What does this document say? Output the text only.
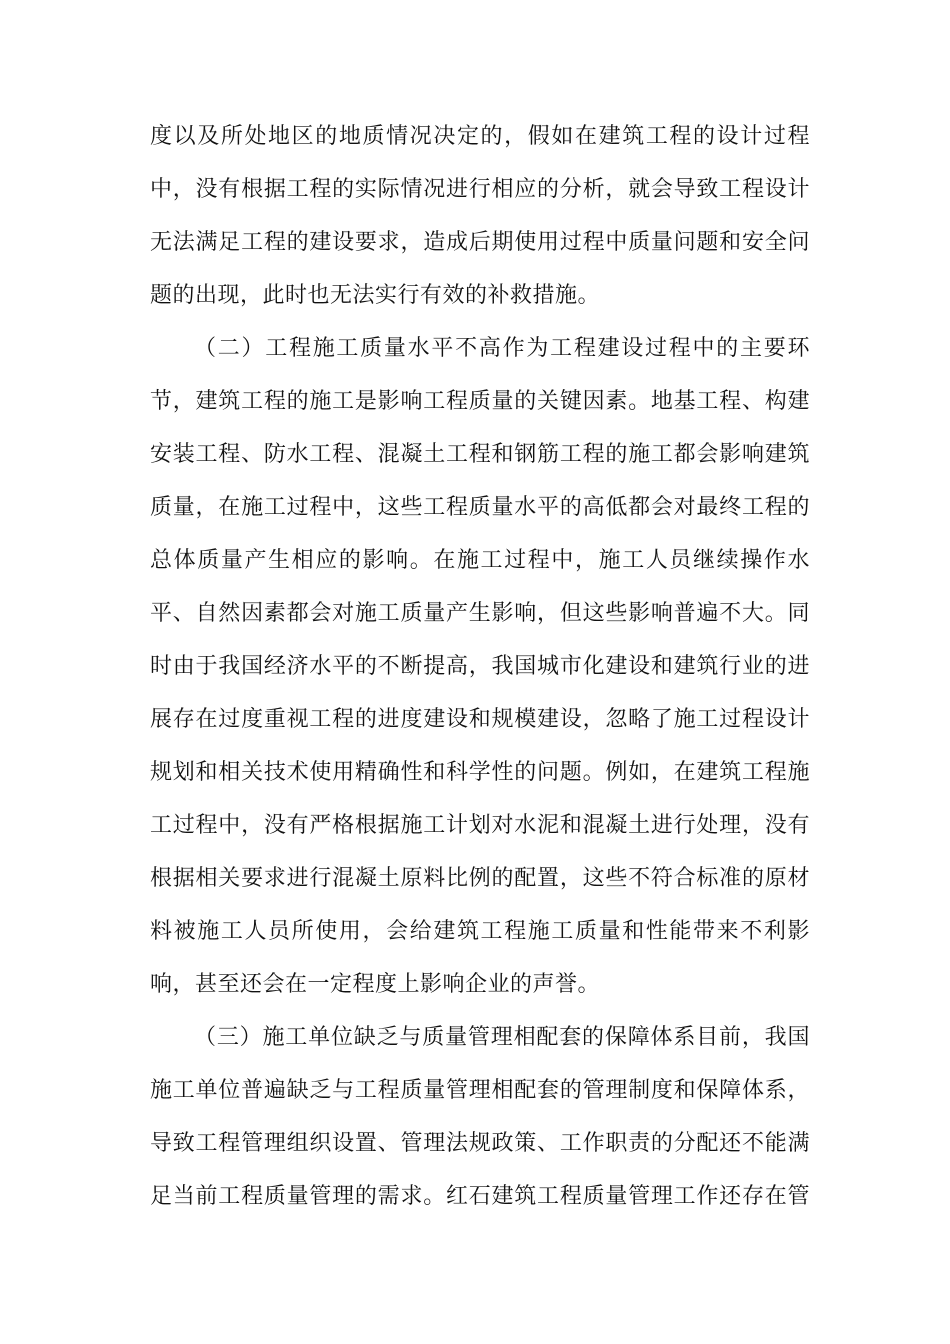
度以及所处地区的地质情况决定的，假如在建筑工程的设计过程
中，没有根据工程的实际情况进行相应的分析，就会导致工程设计
无法满足工程的建设要求，造成后期使用过程中质量问题和安全问
题的出现，此时也无法实行有效的补救措施。
（二）工程施工质量水平不高作为工程建设过程中的主要环
节，建筑工程的施工是影响工程质量的关键因素。地基工程、构建
安装工程、防水工程、混凝土工程和钢筋工程的施工都会影响建筑
质量，在施工过程中，这些工程质量水平的高低都会对最终工程的
总体质量产生相应的影响。在施工过程中，施工人员继续操作水
平、自然因素都会对施工质量产生影响，但这些影响普遍不大。同
时由于我国经济水平的不断提高，我国城市化建设和建筑行业的进
展存在过度重视工程的进度建设和规模建设，忽略了施工过程设计
规划和相关技术使用精确性和科学性的问题。例如，在建筑工程施
工过程中，没有严格根据施工计划对水泥和混凝土进行处理，没有
根据相关要求进行混凝土原料比例的配置，这些不符合标准的原材
料被施工人员所使用，会给建筑工程施工质量和性能带来不利影
响，甚至还会在一定程度上影响企业的声誉。
（三）施工单位缺乏与质量管理相配套的保障体系目前，我国
施工单位普遍缺乏与工程质量管理相配套的管理制度和保障体系，
导致工程管理组织设置、管理法规政策、工作职责的分配还不能满
足当前工程质量管理的需求。红石建筑工程质量管理工作还存在管
